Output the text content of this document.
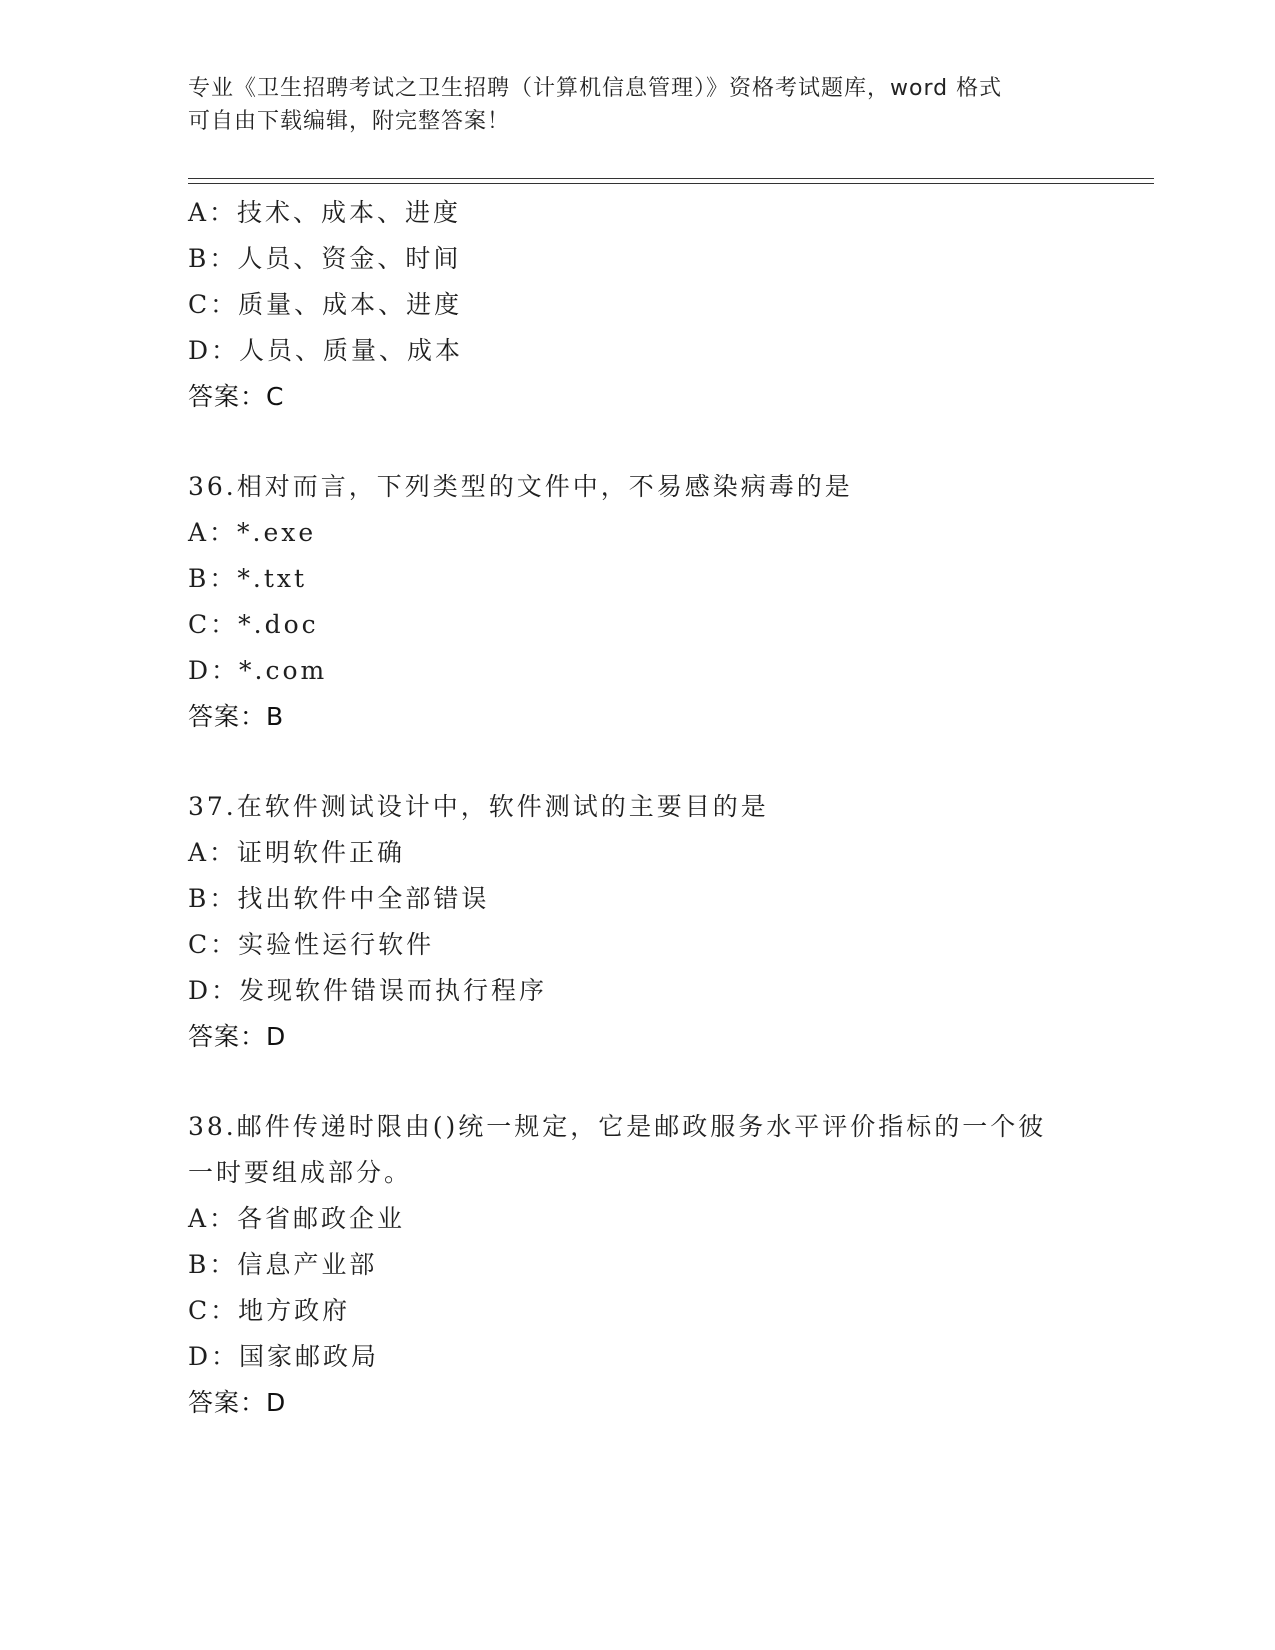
专业《卫生招聘考试之卫生招聘（计算机信息管理）》资格考试题库，word 格式
可自由下载编辑，附完整答案！
A：技术、成本、进度
B：人员、资金、时间
C：质量、成本、进度
D：人员、质量、成本
答案：C
36.相对而言，下列类型的文件中，不易感染病毒的是
A：*.exe
B：*.txt
C：*.doc
D：*.com
答案：B
37.在软件测试设计中，软件测试的主要目的是
A：证明软件正确
B：找出软件中全部错误
C：实验性运行软件
D：发现软件错误而执行程序
答案：D
38.邮件传递时限由()统一规定，它是邮政服务水平评价指标的一个彼
一时要组成部分。
A：各省邮政企业
B：信息产业部
C：地方政府
D：国家邮政局
答案：D
